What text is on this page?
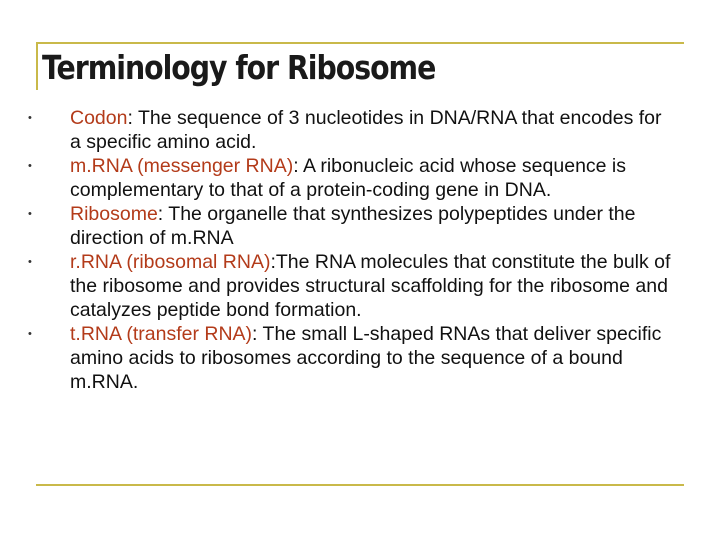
Terminology for Ribosome
• Codon: The sequence of 3 nucleotides in DNA/RNA that encodes for a specific amino acid.
• m.RNA (messenger RNA): A ribonucleic acid whose sequence is complementary to that of a protein-coding gene in DNA.
• Ribosome: The organelle that synthesizes polypeptides under the direction of m.RNA
• r.RNA (ribosomal RNA):The RNA molecules that constitute the bulk of the ribosome and provides structural scaffolding for the ribosome and catalyzes peptide bond formation.
• t.RNA (transfer RNA): The small L-shaped RNAs that deliver specific amino acids to ribosomes according to the sequence of a bound m.RNA.
